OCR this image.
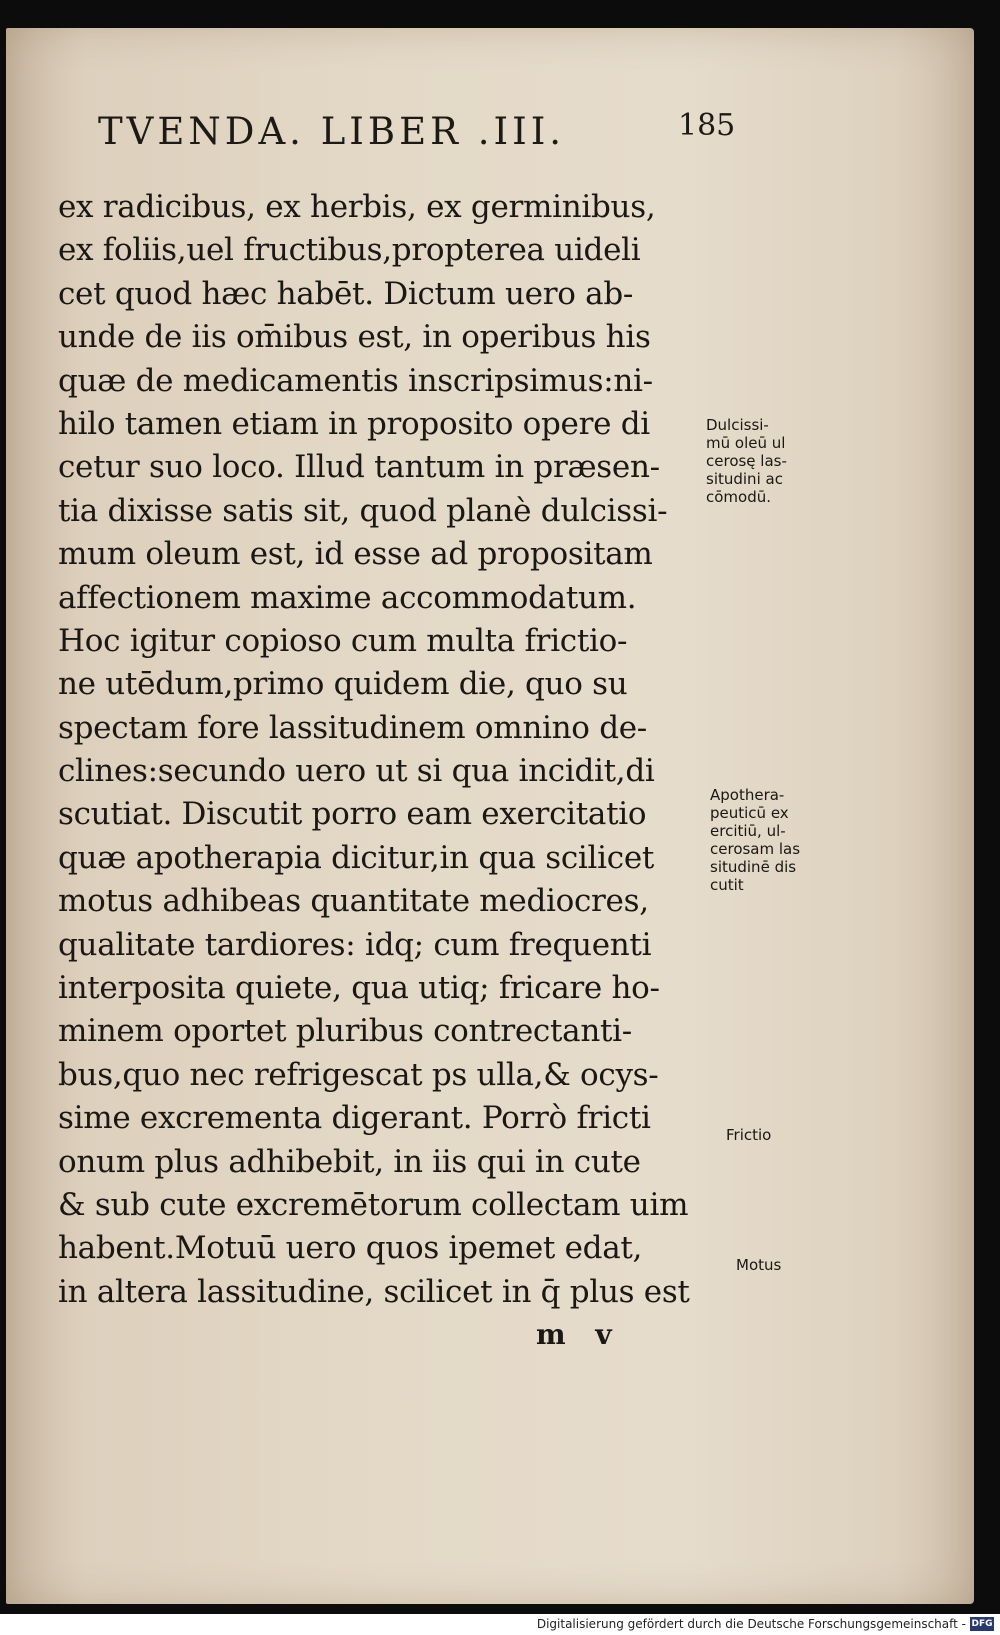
TVENDA. LIBER .III.	185
ex radicibus, ex herbis, ex germinibus,
ex foliis,uel fructibus,propterea uideli
cet quod hæc habēt. Dictum uero ab-
unde de iis om̄ibus est, in operibus his
quæ de medicamentis inscripsimus:ni-
hilo tamen etiam in proposito opere di
cetur suo loco. Illud tantum in præsen-
tia dixisse satis sit, quod planè dulcissi-
mum oleum est, id esse ad propositam
affectionem maxime accommodatum.
Hoc igitur copioso cum multa frictio-
ne utēdum,primo quidem die, quo su
spectam fore lassitudinem omnino de-
clines:secundo uero ut si qua incidit,di
scutiat. Discutit porro eam exercitatio
quæ apotherapia dicitur,in qua scilicet
motus adhibeas quantitate mediocres,
qualitate tardiores: idq; cum frequenti
interposita quiete, qua utiq; fricare ho-
minem oportet pluribus contrectanti-
bus,quo nec refrigescat ps ulla,& ocys-
sime excrementa digerant. Porrò fricti
onum plus adhibebit, in iis qui in cute
& sub cute excremētorum collectam uim
habent.Motuū uero quos ipemet edat,
in altera lassitudine, scilicet in q̄ plus est
Dulcissi-
mū oleū ul
cerosę las-
situdini ac
cōmodū.
Apothera-
peuticū ex
ercitiū, ul-
cerosam las
situdinē dis
cutit
Frictio
Motus
m v
Digitalisierung gefördert durch die Deutsche Forschungsgemeinschaft - DFG
